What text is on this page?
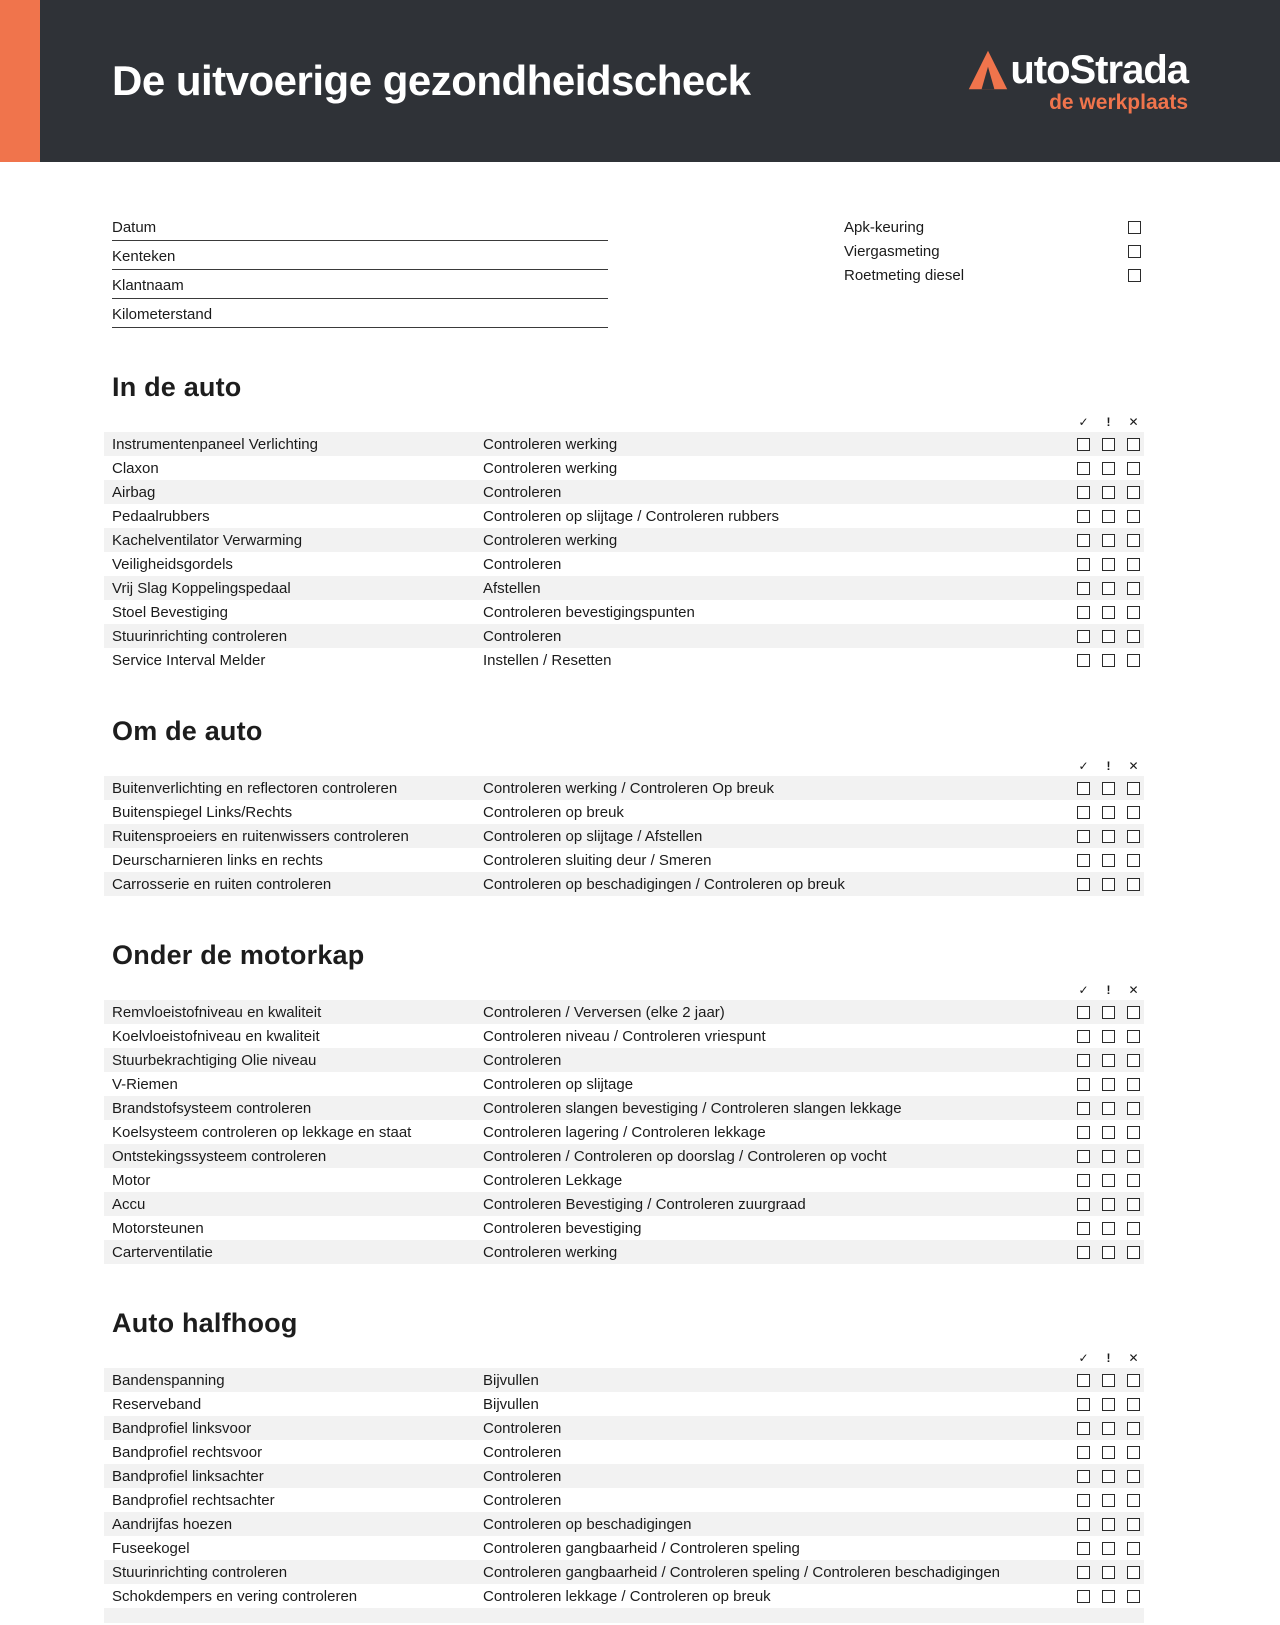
De uitvoerige gezondheidscheck	utoStrada
de werkplaats
Datum
Kenteken
Klantnaam
Kilometerstand
Apk-keuring
Viergasmeting
Roetmeting diesel
In de auto
✓	!	✕
Instrumentenpaneel Verlichting	Controleren werking
Claxon	Controleren werking
Airbag	Controleren
Pedaalrubbers	Controleren op slijtage / Controleren rubbers
Kachelventilator Verwarming	Controleren werking
Veiligheidsgordels	Controleren
Vrij Slag Koppelingspedaal	Afstellen
Stoel Bevestiging	Controleren bevestigingspunten
Stuurinrichting controleren	Controleren
Service Interval Melder	Instellen / Resetten
Om de auto
✓	!	✕
Buitenverlichting en reflectoren controleren	Controleren werking / Controleren Op breuk
Buitenspiegel Links/Rechts	Controleren op breuk
Ruitensproeiers en ruitenwissers controleren	Controleren op slijtage / Afstellen
Deurscharnieren links en rechts	Controleren sluiting deur / Smeren
Carrosserie en ruiten controleren	Controleren op beschadigingen / Controleren op breuk
Onder de motorkap
✓	!	✕
Remvloeistofniveau en kwaliteit	Controleren / Verversen (elke 2 jaar)
Koelvloeistofniveau en kwaliteit	Controleren niveau / Controleren vriespunt
Stuurbekrachtiging Olie niveau	Controleren
V-Riemen	Controleren op slijtage
Brandstofsysteem controleren	Controleren slangen bevestiging / Controleren slangen lekkage
Koelsysteem controleren op lekkage en staat	Controleren lagering / Controleren lekkage
Ontstekingssysteem controleren	Controleren / Controleren op doorslag / Controleren op vocht
Motor	Controleren Lekkage
Accu	Controleren Bevestiging / Controleren zuurgraad
Motorsteunen	Controleren bevestiging
Carterventilatie	Controleren werking
Auto halfhoog
✓	!	✕
Bandenspanning	Bijvullen
Reserveband	Bijvullen
Bandprofiel linksvoor	Controleren
Bandprofiel rechtsvoor	Controleren
Bandprofiel linksachter	Controleren
Bandprofiel rechtsachter	Controleren
Aandrijfas hoezen	Controleren op beschadigingen
Fuseekogel	Controleren gangbaarheid / Controleren speling
Stuurinrichting controleren	Controleren gangbaarheid / Controleren speling / Controleren beschadigingen
Schokdempers en vering controleren	Controleren lekkage / Controleren op breuk
